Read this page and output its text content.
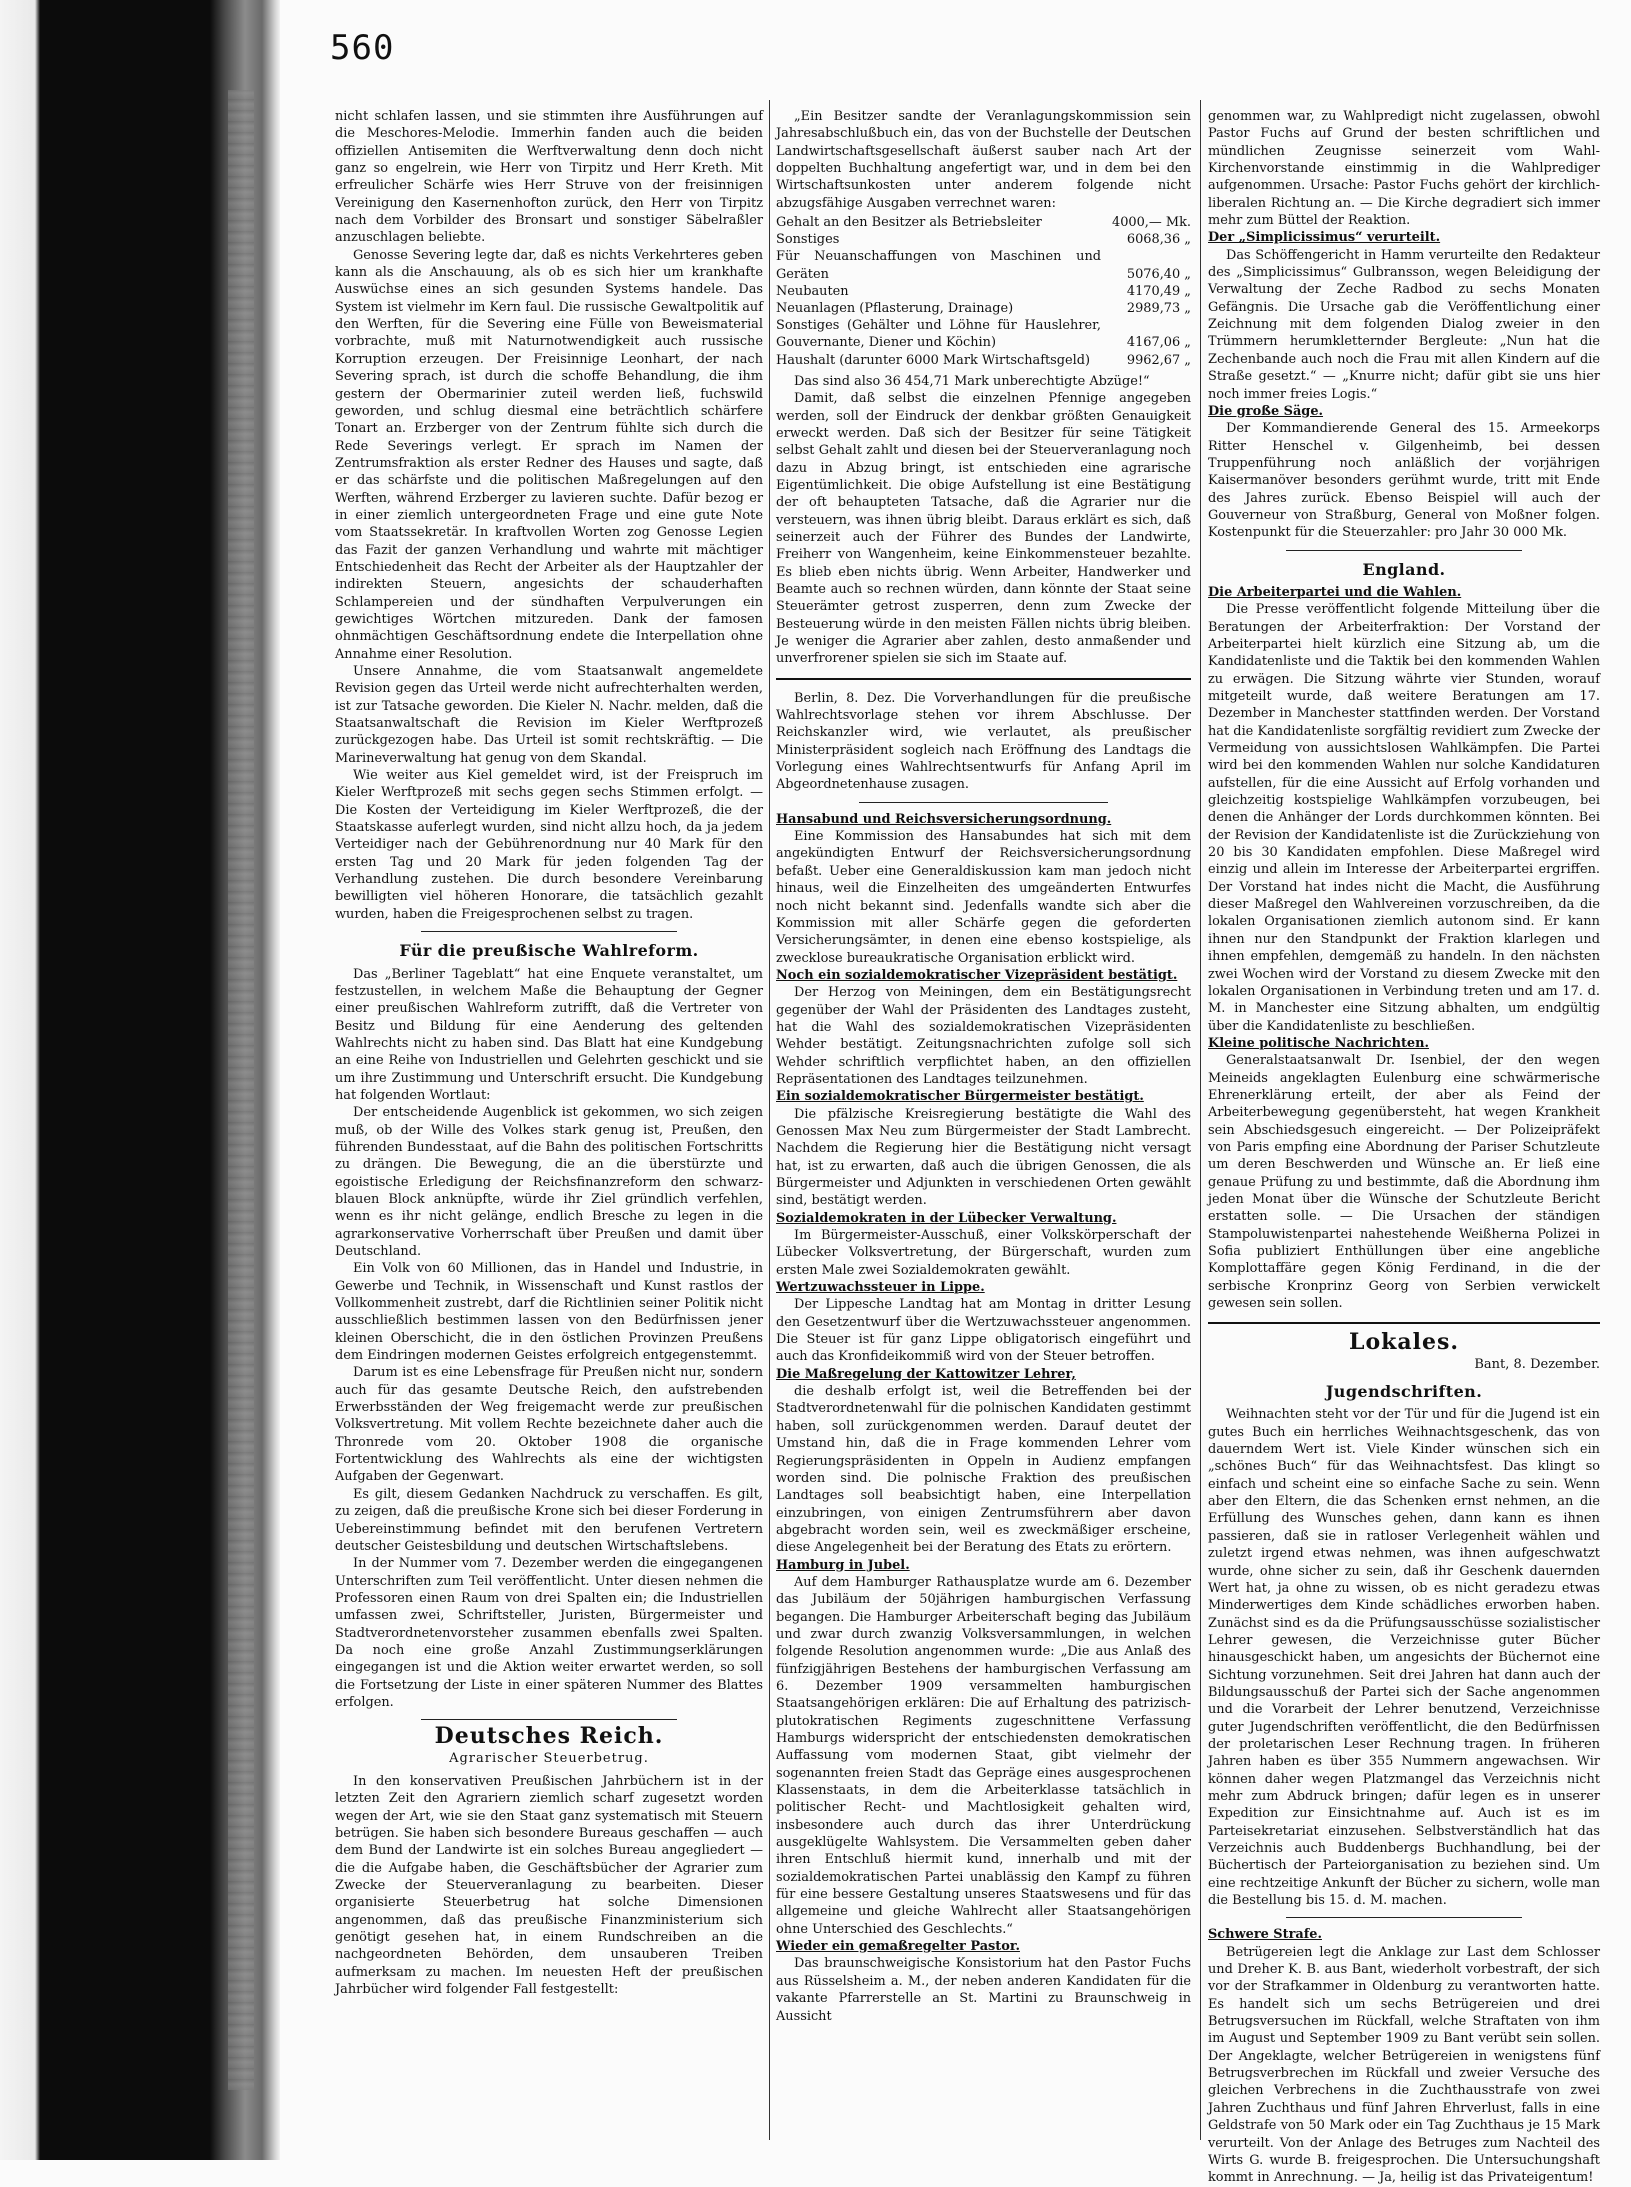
560

nicht schlafen lassen, und sie stimmten ihre Ausführungen auf die Meschores-Melodie. Immerhin fanden auch die beiden offiziellen Antisemiten die Werftverwaltung denn doch nicht ganz so engelrein, wie Herr von Tirpitz und Herr Kreth. Mit erfreulicher Schärfe wies Herr Struve von der freisinnigen Vereinigung den Kasernenhofton zurück, den Herr von Tirpitz nach dem Vorbilder des Bronsart und sonstiger Säbelraßler anzuschlagen beliebte.

Genosse Severing legte dar, daß es nichts Verkehrteres geben kann als die Anschauung, als ob es sich hier um krankhafte Auswüchse eines an sich gesunden Systems handele. Das System ist vielmehr im Kern faul. Die russische Gewaltpolitik auf den Werften, für die Severing eine Fülle von Beweismaterial vorbrachte, muß mit Naturnotwendigkeit auch russische Korruption erzeugen. Der Freisinnige Leonhart, der nach Severing sprach, ist durch die schoffe Behandlung, die ihm gestern der Obermarinier zuteil werden ließ, fuchswild geworden, und schlug diesmal eine beträchtlich schärfere Tonart an. Erzberger von der Zentrum fühlte sich durch die Rede Severings verlegt. Er sprach im Namen der Zentrumsfraktion als erster Redner des Hauses und sagte, daß er das schärfste und die politischen Maßregelungen auf den Werften, während Erzberger zu lavieren suchte. Dafür bezog er in einer ziemlich untergeordneten Frage und eine gute Note vom Staatssekretär. In kraftvollen Worten zog Genosse Legien das Fazit der ganzen Verhandlung und wahrte mit mächtiger Entschiedenheit das Recht der Arbeiter als der Hauptzahler der indirekten Steuern, angesichts der schauderhaften Schlampereien und der sündhaften Verpulverungen ein gewichtiges Wörtchen mitzureden. Dank der famosen ohnmächtigen Geschäftsordnung endete die Interpellation ohne Annahme einer Resolution.

Unsere Annahme, die vom Staatsanwalt angemeldete Revision gegen das Urteil werde nicht aufrechterhalten werden, ist zur Tatsache geworden. Die Kieler N. Nachr. melden, daß die Staatsanwaltschaft die Revision im Kieler Werftprozeß zurückgezogen habe. Das Urteil ist somit rechtskräftig. — Die Marineverwaltung hat genug von dem Skandal.

Wie weiter aus Kiel gemeldet wird, ist der Freispruch im Kieler Werftprozeß mit sechs gegen sechs Stimmen erfolgt. — Die Kosten der Verteidigung im Kieler Werftprozeß, die der Staatskasse auferlegt wurden, sind nicht allzu hoch, da ja jedem Verteidiger nach der Gebührenordnung nur 40 Mark für den ersten Tag und 20 Mark für jeden folgenden Tag der Verhandlung zustehen. Die durch besondere Vereinbarung bewilligten viel höheren Honorare, die tatsächlich gezahlt wurden, haben die Freigesprochenen selbst zu tragen.

Für die preußische Wahlreform.

Das „Berliner Tageblatt“ hat eine Enquete veranstaltet, um festzustellen, in welchem Maße die Behauptung der Gegner einer preußischen Wahlreform zutrifft, daß die Vertreter von Besitz und Bildung für eine Aenderung des geltenden Wahlrechts nicht zu haben sind. Das Blatt hat eine Kundgebung an eine Reihe von Industriellen und Gelehrten geschickt und sie um ihre Zustimmung und Unterschrift ersucht. Die Kundgebung hat folgenden Wortlaut:

Der entscheidende Augenblick ist gekommen, wo sich zeigen muß, ob der Wille des Volkes stark genug ist, Preußen, den führenden Bundesstaat, auf die Bahn des politischen Fortschritts zu drängen. Die Bewegung, die an die überstürzte und egoistische Erledigung der Reichsfinanzreform den schwarz-blauen Block anknüpfte, würde ihr Ziel gründlich verfehlen, wenn es ihr nicht gelänge, endlich Bresche zu legen in die agrarkonservative Vorherrschaft über Preußen und damit über Deutschland.

Ein Volk von 60 Millionen, das in Handel und Industrie, in Gewerbe und Technik, in Wissenschaft und Kunst rastlos der Vollkommenheit zustrebt, darf die Richtlinien seiner Politik nicht ausschließlich bestimmen lassen von den Bedürfnissen jener kleinen Oberschicht, die in den östlichen Provinzen Preußens dem Eindringen modernen Geistes erfolgreich entgegenstemmt.

Darum ist es eine Lebensfrage für Preußen nicht nur, sondern auch für das gesamte Deutsche Reich, den aufstrebenden Erwerbsständen der Weg freigemacht werde zur preußischen Volksvertretung. Mit vollem Rechte bezeichnete daher auch die Thronrede vom 20. Oktober 1908 die organische Fortentwicklung des Wahlrechts als eine der wichtigsten Aufgaben der Gegenwart.

Es gilt, diesem Gedanken Nachdruck zu verschaffen. Es gilt, zu zeigen, daß die preußische Krone sich bei dieser Forderung in Uebereinstimmung befindet mit den berufenen Vertretern deutscher Geistesbildung und deutschen Wirtschaftslebens.

In der Nummer vom 7. Dezember werden die eingegangenen Unterschriften zum Teil veröffentlicht. Unter diesen nehmen die Professoren einen Raum von drei Spalten ein; die Industriellen umfassen zwei, Schriftsteller, Juristen, Bürgermeister und Stadtverordnetenvorsteher zusammen ebenfalls zwei Spalten. Da noch eine große Anzahl Zustimmungserklärungen eingegangen ist und die Aktion weiter erwartet werden, so soll die Fortsetzung der Liste in einer späteren Nummer des Blattes erfolgen.

Deutsches Reich.
Agrarischer Steuerbetrug.

In den konservativen Preußischen Jahrbüchern ist in der letzten Zeit den Agrariern ziemlich scharf zugesetzt worden wegen der Art, wie sie den Staat ganz systematisch mit Steuern betrügen. Sie haben sich besondere Bureaus geschaffen — auch dem Bund der Landwirte ist ein solches Bureau angegliedert — die die Aufgabe haben, die Geschäftsbücher der Agrarier zum Zwecke der Steuerveranlagung zu bearbeiten. Dieser organisierte Steuerbetrug hat solche Dimensionen angenommen, daß das preußische Finanzministerium sich genötigt gesehen hat, in einem Rundschreiben an die nachgeordneten Behörden, dem unsauberen Treiben aufmerksam zu machen. Im neuesten Heft der preußischen Jahrbücher wird folgender Fall festgestellt:

„Ein Besitzer sandte der Veranlagungskommission sein Jahresabschlußbuch ein, das von der Buchstelle der Deutschen Landwirtschaftsgesellschaft äußerst sauber nach Art der doppelten Buchhaltung angefertigt war, und in dem bei den Wirtschaftsunkosten unter anderem folgende nicht abzugsfähige Ausgaben verrechnet waren:

Gehalt an den Besitzer als Betriebsleiter	4000,— Mk.
Sonstiges	6068,36 „
Für Neuanschaffungen von Maschinen und Geräten	5076,40 „
Neubauten	4170,49 „
Neuanlagen (Pflasterung, Drainage)	2989,73 „
Sonstiges (Gehälter und Löhne für Hauslehrer, Gouvernante, Diener und Köchin)	4167,06 „
Haushalt (darunter 6000 Mark Wirtschaftsgeld)	9962,67 „

Das sind also 36 454,71 Mark unberechtigte Abzüge!“

Damit, daß selbst die einzelnen Pfennige angegeben werden, soll der Eindruck der denkbar größten Genauigkeit erweckt werden. Daß sich der Besitzer für seine Tätigkeit selbst Gehalt zahlt und diesen bei der Steuerveranlagung noch dazu in Abzug bringt, ist entschieden eine agrarische Eigentümlichkeit. Die obige Aufstellung ist eine Bestätigung der oft behaupteten Tatsache, daß die Agrarier nur die versteuern, was ihnen übrig bleibt. Daraus erklärt es sich, daß seinerzeit auch der Führer des Bundes der Landwirte, Freiherr von Wangenheim, keine Einkommensteuer bezahlte. Es blieb eben nichts übrig. Wenn Arbeiter, Handwerker und Beamte auch so rechnen würden, dann könnte der Staat seine Steuerämter getrost zusperren, denn zum Zwecke der Besteuerung würde in den meisten Fällen nichts übrig bleiben. Je weniger die Agrarier aber zahlen, desto anmaßender und unverfrorener spielen sie sich im Staate auf.

Berlin, 8. Dez. Die Vorverhandlungen für die preußische Wahlrechtsvorlage stehen vor ihrem Abschlusse. Der Reichskanzler wird, wie verlautet, als preußischer Ministerpräsident sogleich nach Eröffnung des Landtags die Vorlegung eines Wahlrechtsentwurfs für Anfang April im Abgeordnetenhause zusagen.

Hansabund und Reichsversicherungsordnung.

Eine Kommission des Hansabundes hat sich mit dem angekündigten Entwurf der Reichsversicherungsordnung befaßt. Ueber eine Generaldiskussion kam man jedoch nicht hinaus, weil die Einzelheiten des umgeänderten Entwurfes noch nicht bekannt sind. Jedenfalls wandte sich aber die Kommission mit aller Schärfe gegen die geforderten Versicherungsämter, in denen eine ebenso kostspielige, als zwecklose bureaukratische Organisation erblickt wird.

Noch ein sozialdemokratischer Vizepräsident bestätigt.

Der Herzog von Meiningen, dem ein Bestätigungsrecht gegenüber der Wahl der Präsidenten des Landtages zusteht, hat die Wahl des sozialdemokratischen Vizepräsidenten Wehder bestätigt. Zeitungsnachrichten zufolge soll sich Wehder schriftlich verpflichtet haben, an den offiziellen Repräsentationen des Landtages teilzunehmen.

Ein sozialdemokratischer Bürgermeister bestätigt.

Die pfälzische Kreisregierung bestätigte die Wahl des Genossen Max Neu zum Bürgermeister der Stadt Lambrecht. Nachdem die Regierung hier die Bestätigung nicht versagt hat, ist zu erwarten, daß auch die übrigen Genossen, die als Bürgermeister und Adjunkten in verschiedenen Orten gewählt sind, bestätigt werden.

Sozialdemokraten in der Lübecker Verwaltung.

Im Bürgermeister-Ausschuß, einer Volkskörperschaft der Lübecker Volksvertretung, der Bürgerschaft, wurden zum ersten Male zwei Sozialdemokraten gewählt.

Wertzuwachssteuer in Lippe.

Der Lippesche Landtag hat am Montag in dritter Lesung den Gesetzentwurf über die Wertzuwachssteuer angenommen. Die Steuer ist für ganz Lippe obligatorisch eingeführt und auch das Kronfideikommiß wird von der Steuer betroffen.

Die Maßregelung der Kattowitzer Lehrer,

die deshalb erfolgt ist, weil die Betreffenden bei der Stadtverordnetenwahl für die polnischen Kandidaten gestimmt haben, soll zurückgenommen werden. Darauf deutet der Umstand hin, daß die in Frage kommenden Lehrer vom Regierungspräsidenten in Oppeln in Audienz empfangen worden sind. Die polnische Fraktion des preußischen Landtages soll beabsichtigt haben, eine Interpellation einzubringen, von einigen Zentrumsführern aber davon abgebracht worden sein, weil es zweckmäßiger erscheine, diese Angelegenheit bei der Beratung des Etats zu erörtern.

Hamburg in Jubel.

Auf dem Hamburger Rathausplatze wurde am 6. Dezember das Jubiläum der 50jährigen hamburgischen Verfassung begangen. Die Hamburger Arbeiterschaft beging das Jubiläum und zwar durch zwanzig Volksversammlungen, in welchen folgende Resolution angenommen wurde: „Die aus Anlaß des fünfzigjährigen Bestehens der hamburgischen Verfassung am 6. Dezember 1909 versammelten hamburgischen Staatsangehörigen erklären: Die auf Erhaltung des patrizisch-plutokratischen Regiments zugeschnittene Verfassung Hamburgs widerspricht der entschiedensten demokratischen Auffassung vom modernen Staat, gibt vielmehr der sogenannten freien Stadt das Gepräge eines ausgesprochenen Klassenstaats, in dem die Arbeiterklasse tatsächlich in politischer Recht- und Machtlosigkeit gehalten wird, insbesondere auch durch das ihrer Unterdrückung ausgeklügelte Wahlsystem. Die Versammelten geben daher ihren Entschluß hiermit kund, innerhalb und mit der sozialdemokratischen Partei unablässig den Kampf zu führen für eine bessere Gestaltung unseres Staatswesens und für das allgemeine und gleiche Wahlrecht aller Staatsangehörigen ohne Unterschied des Geschlechts.“

Wieder ein gemaßregelter Pastor.

Das braunschweigische Konsistorium hat den Pastor Fuchs aus Rüsselsheim a. M., der neben anderen Kandidaten für die vakante Pfarrerstelle an St. Martini zu Braunschweig in Aussicht

genommen war, zu Wahlpredigt nicht zugelassen, obwohl Pastor Fuchs auf Grund der besten schriftlichen und mündlichen Zeugnisse seinerzeit vom Wahl-Kirchenvorstande einstimmig in die Wahlprediger aufgenommen. Ursache: Pastor Fuchs gehört der kirchlich-liberalen Richtung an. — Die Kirche degradiert sich immer mehr zum Büttel der Reaktion.

Der „Simplicissimus“ verurteilt.

Das Schöffengericht in Hamm verurteilte den Redakteur des „Simplicissimus“ Gulbransson, wegen Beleidigung der Verwaltung der Zeche Radbod zu sechs Monaten Gefängnis. Die Ursache gab die Veröffentlichung einer Zeichnung mit dem folgenden Dialog zweier in den Trümmern herumkletternder Bergleute: „Nun hat die Zechenbande auch noch die Frau mit allen Kindern auf die Straße gesetzt.“ — „Knurre nicht; dafür gibt sie uns hier noch immer freies Logis.“

Die große Säge.

Der Kommandierende General des 15. Armeekorps Ritter Henschel v. Gilgenheimb, bei dessen Truppenführung noch anläßlich der vorjährigen Kaisermanöver besonders gerühmt wurde, tritt mit Ende des Jahres zurück. Ebenso Beispiel will auch der Gouverneur von Straßburg, General von Moßner folgen. Kostenpunkt für die Steuerzahler: pro Jahr 30 000 Mk.

England.

Die Arbeiterpartei und die Wahlen.

Die Presse veröffentlicht folgende Mitteilung über die Beratungen der Arbeiterfraktion: Der Vorstand der Arbeiterpartei hielt kürzlich eine Sitzung ab, um die Kandidatenliste und die Taktik bei den kommenden Wahlen zu erwägen. Die Sitzung währte vier Stunden, worauf mitgeteilt wurde, daß weitere Beratungen am 17. Dezember in Manchester stattfinden werden. Der Vorstand hat die Kandidatenliste sorgfältig revidiert zum Zwecke der Vermeidung von aussichtslosen Wahlkämpfen. Die Partei wird bei den kommenden Wahlen nur solche Kandidaturen aufstellen, für die eine Aussicht auf Erfolg vorhanden und gleichzeitig kostspielige Wahlkämpfen vorzubeugen, bei denen die Anhänger der Lords durchkommen könnten. Bei der Revision der Kandidatenliste ist die Zurückziehung von 20 bis 30 Kandidaten empfohlen. Diese Maßregel wird einzig und allein im Interesse der Arbeiterpartei ergriffen. Der Vorstand hat indes nicht die Macht, die Ausführung dieser Maßregel den Wahlvereinen vorzuschreiben, da die lokalen Organisationen ziemlich autonom sind. Er kann ihnen nur den Standpunkt der Fraktion klarlegen und ihnen empfehlen, demgemäß zu handeln. In den nächsten zwei Wochen wird der Vorstand zu diesem Zwecke mit den lokalen Organisationen in Verbindung treten und am 17. d. M. in Manchester eine Sitzung abhalten, um endgültig über die Kandidatenliste zu beschließen.

Kleine politische Nachrichten.

Generalstaatsanwalt Dr. Isenbiel, der den wegen Meineids angeklagten Eulenburg eine schwärmerische Ehrenerklärung erteilt, der aber als Feind der Arbeiterbewegung gegenübersteht, hat wegen Krankheit sein Abschiedsgesuch eingereicht. — Der Polizeipräfekt von Paris empfing eine Abordnung der Pariser Schutzleute um deren Beschwerden und Wünsche an. Er ließ eine genaue Prüfung zu und bestimmte, daß die Abordnung ihm jeden Monat über die Wünsche der Schutzleute Bericht erstatten solle. — Die Ursachen der ständigen Stampoluwistenpartei nahestehende Weißherna Polizei in Sofia publiziert Enthüllungen über eine angebliche Komplottaffäre gegen König Ferdinand, in die der serbische Kronprinz Georg von Serbien verwickelt gewesen sein sollen.

Lokales.
Bant, 8. Dezember.
Jugendschriften.

Weihnachten steht vor der Tür und für die Jugend ist ein gutes Buch ein herrliches Weihnachtsgeschenk, das von dauerndem Wert ist. Viele Kinder wünschen sich ein „schönes Buch“ für das Weihnachtsfest. Das klingt so einfach und scheint eine so einfache Sache zu sein. Wenn aber den Eltern, die das Schenken ernst nehmen, an die Erfüllung des Wunsches gehen, dann kann es ihnen passieren, daß sie in ratloser Verlegenheit wählen und zuletzt irgend etwas nehmen, was ihnen aufgeschwatzt wurde, ohne sicher zu sein, daß ihr Geschenk dauernden Wert hat, ja ohne zu wissen, ob es nicht geradezu etwas Minderwertiges dem Kinde schädliches erworben haben. Zunächst sind es da die Prüfungsausschüsse sozialistischer Lehrer gewesen, die Verzeichnisse guter Bücher hinausgeschickt haben, um angesichts der Büchernot eine Sichtung vorzunehmen. Seit drei Jahren hat dann auch der Bildungsausschuß der Partei sich der Sache angenommen und die Vorarbeit der Lehrer benutzend, Verzeichnisse guter Jugendschriften veröffentlicht, die den Bedürfnissen der proletarischen Leser Rechnung tragen. In früheren Jahren haben es über 355 Nummern angewachsen. Wir können daher wegen Platzmangel das Verzeichnis nicht mehr zum Abdruck bringen; dafür legen es in unserer Expedition zur Einsichtnahme auf. Auch ist es im Parteisekretariat einzusehen. Selbstverständlich hat das Verzeichnis auch Buddenbergs Buchhandlung, bei der Büchertisch der Parteiorganisation zu beziehen sind. Um eine rechtzeitige Ankunft der Bücher zu sichern, wolle man die Bestellung bis 15. d. M. machen.

Schwere Strafe.

Betrügereien legt die Anklage zur Last dem Schlosser und Dreher K. B. aus Bant, wiederholt vorbestraft, der sich vor der Strafkammer in Oldenburg zu verantworten hatte. Es handelt sich um sechs Betrügereien und drei Betrugsversuchen im Rückfall, welche Straftaten von ihm im August und September 1909 zu Bant verübt sein sollen. Der Angeklagte, welcher Betrügereien in wenigstens fünf Betrugsverbrechen im Rückfall und zweier Versuche des gleichen Verbrechens in die Zuchthausstrafe von zwei Jahren Zuchthaus und fünf Jahren Ehrverlust, falls in eine Geldstrafe von 50 Mark oder ein Tag Zuchthaus je 15 Mark verurteilt. Von der Anlage des Betruges zum Nachteil des Wirts G. wurde B. freigesprochen. Die Untersuchungshaft kommt in Anrechnung. — Ja, heilig ist das Privateigentum!
